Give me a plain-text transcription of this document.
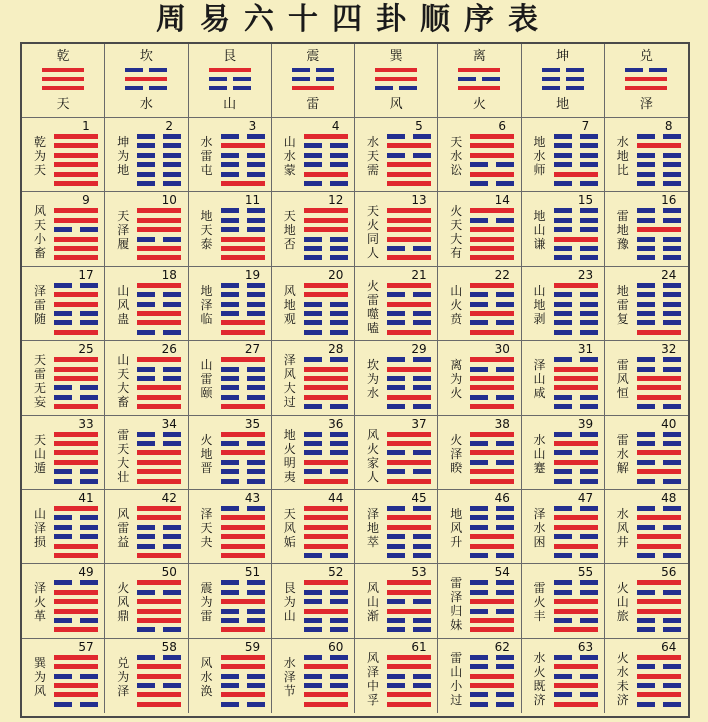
周易六十四卦顺序表
乾
天
坎
水
艮
山
震
雷
巽
风
离
火
坤
地
兑
泽
1
乾为天
2
坤为地
3
水雷屯
4
山水蒙
5
水天需
6
天水讼
7
地水师
8
水地比
9
风天小畜
10
天泽履
11
地天泰
12
天地否
13
天火同人
14
火天大有
15
地山谦
16
雷地豫
17
泽雷随
18
山风蛊
19
地泽临
20
风地观
21
火雷噬嗑
22
山火贲
23
山地剥
24
地雷复
25
天雷无妄
26
山天大畜
27
山雷颐
28
泽风大过
29
坎为水
30
离为火
31
泽山咸
32
雷风恒
33
天山遁
34
雷天大壮
35
火地晋
36
地火明夷
37
风火家人
38
火泽睽
39
水山蹇
40
雷水解
41
山泽损
42
风雷益
43
泽天夬
44
天风姤
45
泽地萃
46
地风升
47
泽水困
48
水风井
49
泽火革
50
火风鼎
51
震为雷
52
艮为山
53
风山渐
54
雷泽归妹
55
雷火丰
56
火山旅
57
巽为风
58
兑为泽
59
风水涣
60
水泽节
61
风泽中孚
62
雷山小过
63
水火既济
64
火水未济
